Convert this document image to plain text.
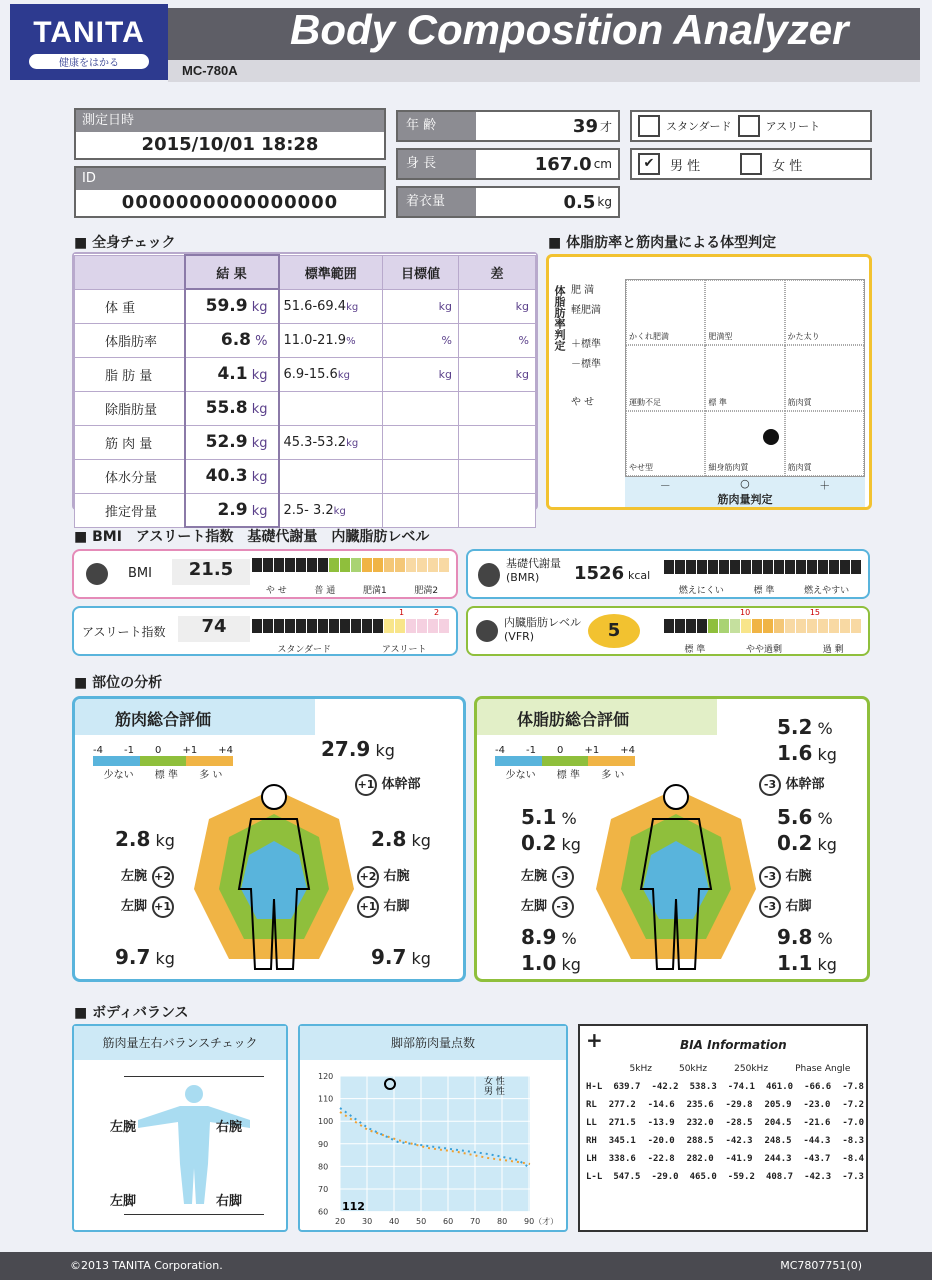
TANITA
健康をはかる
Body Composition Analyzer
MC-780A
測定日時
2015/10/01 18:28
ID
0000000000000000
年 齢	39 才
身 長	167.0 cm
着衣量	0.5 kg
スタンダード	アスリート
✔	男 性	女 性
■ 全身チェック
	結 果	標準範囲	目標値	差
体 重	59.9 kg	51.6-69.4kg	kg	kg
体脂肪率	6.8 %	11.0-21.9%	%	%
脂 肪 量	4.1 kg	6.9-15.6kg	kg	kg
除脂肪量	55.8 kg			
筋 肉 量	52.9 kg	45.3-53.2kg		
体水分量	40.3 kg			
推定骨量	2.9 kg	2.5- 3.2kg		
■ 体脂肪率と筋肉量による体型判定
体脂肪率判定 肥 満
軽肥満
＋標準
－標準
や せ
かくれ肥満	肥満型	かた太り
運動不足	標 準	筋肉質
やせ型	細身筋肉質	筋肉質
－	○	＋
筋肉量判定
■ BMI　アスリート指数　基礎代謝量　内臓脂肪レベル
BMI	21.5
や せ	普 通	肥満1	肥満2
アスリート指数	74
1	2
スタンダード	アスリート
基礎代謝量
(BMR)	1526 kcal
燃えにくい	標 準	燃えやすい
内臓脂肪レベル
(VFR)	5
10	15
標 準	やや過剰	過 剰
■ 部位の分析
筋肉総合評価
-4 -1 0 +1 +4
少ない 標 準 多 い
27.9 kg
+1 体幹部
2.8 kg
左腕 +2
2.8 kg
+2 右腕
左脚 +1
9.7 kg
+1 右脚
9.7 kg
体脂肪総合評価
-4 -1 0 +1 +4
少ない 標 準 多 い
5.2 %
1.6 kg
-3 体幹部
5.1 %
0.2 kg
左腕 -3
5.6 %
0.2 kg
-3 右腕
左脚 -3
8.9 %
1.0 kg
-3 右脚
9.8 %
1.1 kg
■ ボディバランス
筋肉量左右バランスチェック
左腕	右腕
左脚	右脚
脚部筋肉量点数
120
110
100
90
80
70
60
20 30 40 50 60 70 80 90（才）
112
女 性
男 性
+	BIA Information
5kHz	50kHz	250kHz	Phase Angle
H-L 639.7 -42.2 538.3 -74.1 461.0 -66.6 -7.8
RL 277.2 -14.6 235.6 -29.8 205.9 -23.0 -7.2
LL 271.5 -13.9 232.0 -28.5 204.5 -21.6 -7.0
RH 345.1 -20.0 288.5 -42.3 248.5 -44.3 -8.3
LH 338.6 -22.8 282.0 -41.9 244.3 -43.7 -8.4
L-L 547.5 -29.0 465.0 -59.2 408.7 -42.3 -7.3
©2013 TANITA Corporation.	MC7807751(0)
